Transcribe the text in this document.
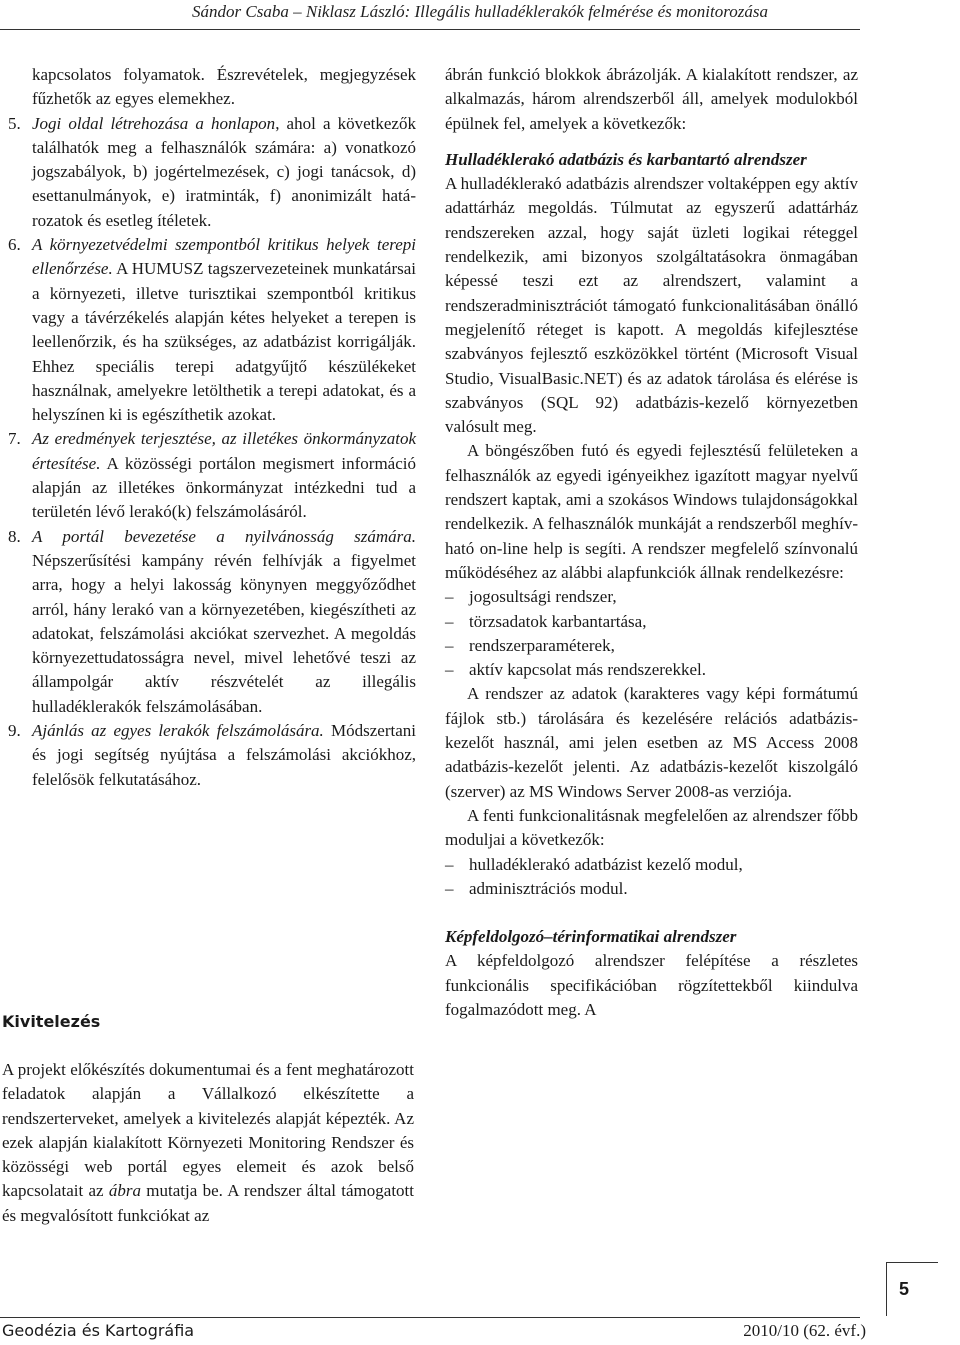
Sándor Csaba – Niklasz László: Illegális hulladéklerakók felmérése és monitorozása

kapcsolatos folyamatok. Észrevételek, megjegyzések fűzhetők az egyes elemekhez.

5. Jogi oldal létrehozása a honlapon, ahol a következők találhatók meg a felhasználók számára: a) vonatkozó jogszabályok, b) jogértelmezések, c) jogi tanácsok, d) esettanulmányok, e) iratminták, f) anonimizált határozatok és esetleg ítéletek.
6. A környezetvédelmi szempontból kritikus helyek terepi ellenőrzése. A HUMUSZ tagszervezeteinek munkatársai a környezeti, illetve turisztikai szempontból kritikus vagy a távérzékelés alapján kétes helyeket a terepen is leellenőrzik, és ha szükséges, az adatbázist korrigálják. Ehhez speciális terepi adatgyűjtő készülékeket használnak, amelyekre letölthetik a terepi adatokat, és a helyszínen ki is egészíthetik azokat.
7. Az eredmények terjesztése, az illetékes önkormányzatok értesítése. A közösségi portálon megismert információ alapján az illetékes önkormányzat intézkedni tud a területén lévő lerakó(k) felszámolásáról.
8. A portál bevezetése a nyilvánosság számára. Népszerűsítési kampány révén felhívják a figyelmet arra, hogy a helyi lakosság könynyen meggyőződhet arról, hány lerakó van a környezetében, kiegészítheti az adatokat, felszámolási akciókat szervezhet. A megoldás környezettudatosságra nevel, mivel lehetővé teszi az állampolgár aktív részvételét az illegális hulladéklerakók felszámolásában.
9. Ajánlás az egyes lerakók felszámolására. Módszertani és jogi segítség nyújtása a felszámolási akciókhoz, felelősök felkutatásához.
Kivitelezés

A projekt előkészítés dokumentumai és a fent meghatározott feladatok alapján a Vállalkozó elkészítette a rendszerterveket, amelyek a kivitelezés alapját képezték. Az ezek alapján kialakított Környezeti Monitoring Rendszer és közösségi web portál egyes elemeit és azok belső kapcsolatait az ábra mutatja be. A rendszer által támogatott és megvalósított funkciókat az

ábrán funkció blokkok ábrázolják. A kialakított rendszer, az alkalmazás, három alrendszerből áll, amelyek modulokból épülnek fel, amelyek a következők:

Hulladéklerakó adatbázis és karbantartó alrendszer

A hulladéklerakó adatbázis alrendszer voltaképpen egy aktív adattárház megoldás. Túlmutat az egyszerű adattárház rendszereken azzal, hogy saját üzleti logikai réteggel rendelkezik, ami bizonyos szolgáltatásokra önmagában képessé teszi ezt az alrendszert, valamint a rendszeradminisztrációt támogató funkcionalitásában önálló megjelenítő réteget is kapott. A megoldás kifejlesztése szabványos fejlesztő eszközökkel történt (Microsoft Visual Studio, VisualBasic.NET) és az adatok tárolása és elérése is szabványos (SQL 92) adatbázis-kezelő környezetben valósult meg.

A böngészőben futó és egyedi fejlesztésű felületeken a felhasználók az egyedi igényeikhez igazított magyar nyelvű rendszert kaptak, ami a szokásos Windows tulajdonságokkal rendelkezik. A felhasználók munkáját a rendszerből meghívható on-line help is segíti. A rendszer megfelelő színvonalú működéséhez az alábbi alapfunkciók állnak rendelkezésre:

– jogosultsági rendszer,
– törzsadatok karbantartása,
– rendszerparaméterek,
– aktív kapcsolat más rendszerekkel.

A rendszer az adatok (karakteres vagy képi formátumú fájlok stb.) tárolására és kezelésére relációs adatbázis-kezelőt használ, ami jelen esetben az MS Access 2008 adatbázis-kezelőt jelenti. Az adatbázis-kezelőt kiszolgáló (szerver) az MS Windows Server 2008-as verziója.

A fenti funkcionalitásnak megfelelően az alrendszer főbb moduljai a következők:

– hulladéklerakó adatbázist kezelő modul,
– adminisztrációs modul.
Képfeldolgozó–térinformatikai alrendszer

A képfeldolgozó alrendszer felépítése a részletes funkcionális specifikációban rögzítettekből kiindulva fogalmazódott meg. A

5
Geodézia és Kartográfia	2010/10 (62. évf.)
